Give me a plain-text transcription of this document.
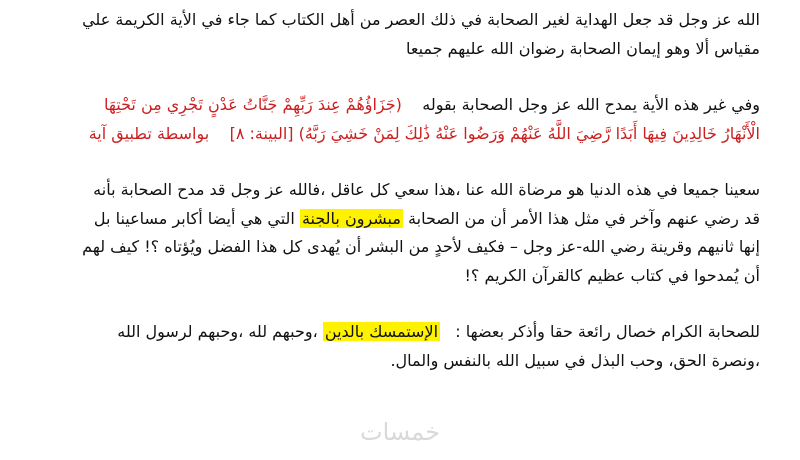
الله عز وجل قد جعل الهداية لغير الصحابة في ذلك العصر من أهل الكتاب كما جاء في الأية الكريمة علي
مقياس ألا وهو إيمان الصحابة رضوان الله عليهم جميعا

وفي غير هذه الأية يمدح الله عز وجل الصحابة بقوله    (جَزَاؤُهُمْ عِندَ رَبِّهِمْ جَنَّاتُ عَدْنٍ تَجْرِي مِن تَحْتِهَا
الْأَنْهَارُ خَالِدِينَ فِيهَا أَبَدًا رَّضِيَ اللَّهُ عَنْهُمْ وَرَضُوا عَنْهُ ذَٰلِكَ لِمَنْ خَشِيَ رَبَّهُ) [البينة: ٨]    بواسطة تطبيق آية

سعينا جميعا في هذه الدنيا هو مرضاة الله عنا ،هذا سعي كل عاقل ،فالله عز وجل قد مدح الصحابة بأنه
قد رضي عنهم وآخر في مثل هذا الأمر أن من الصحابة مبشرون بالجنة التي هي أيضا أكابر مساعينا بل
إنها ثانيهم وقرينة رضي الله-عز وجل – فكيف لأحدٍ من البشر أن يُهدى كل هذا الفضل ويُؤتاه ؟! كيف لهم
أن يُمدحوا في كتاب عظيم كالقرآن الكريم ؟!

للصحابة الكرام خصال رائعة حقا وأذكر بعضها :   الإستمسك بالدين ،وحبهم لله ،وحبهم لرسول الله
،ونصرة الحق، وحب البذل في سبيل الله بالنفس والمال.

خمسات
